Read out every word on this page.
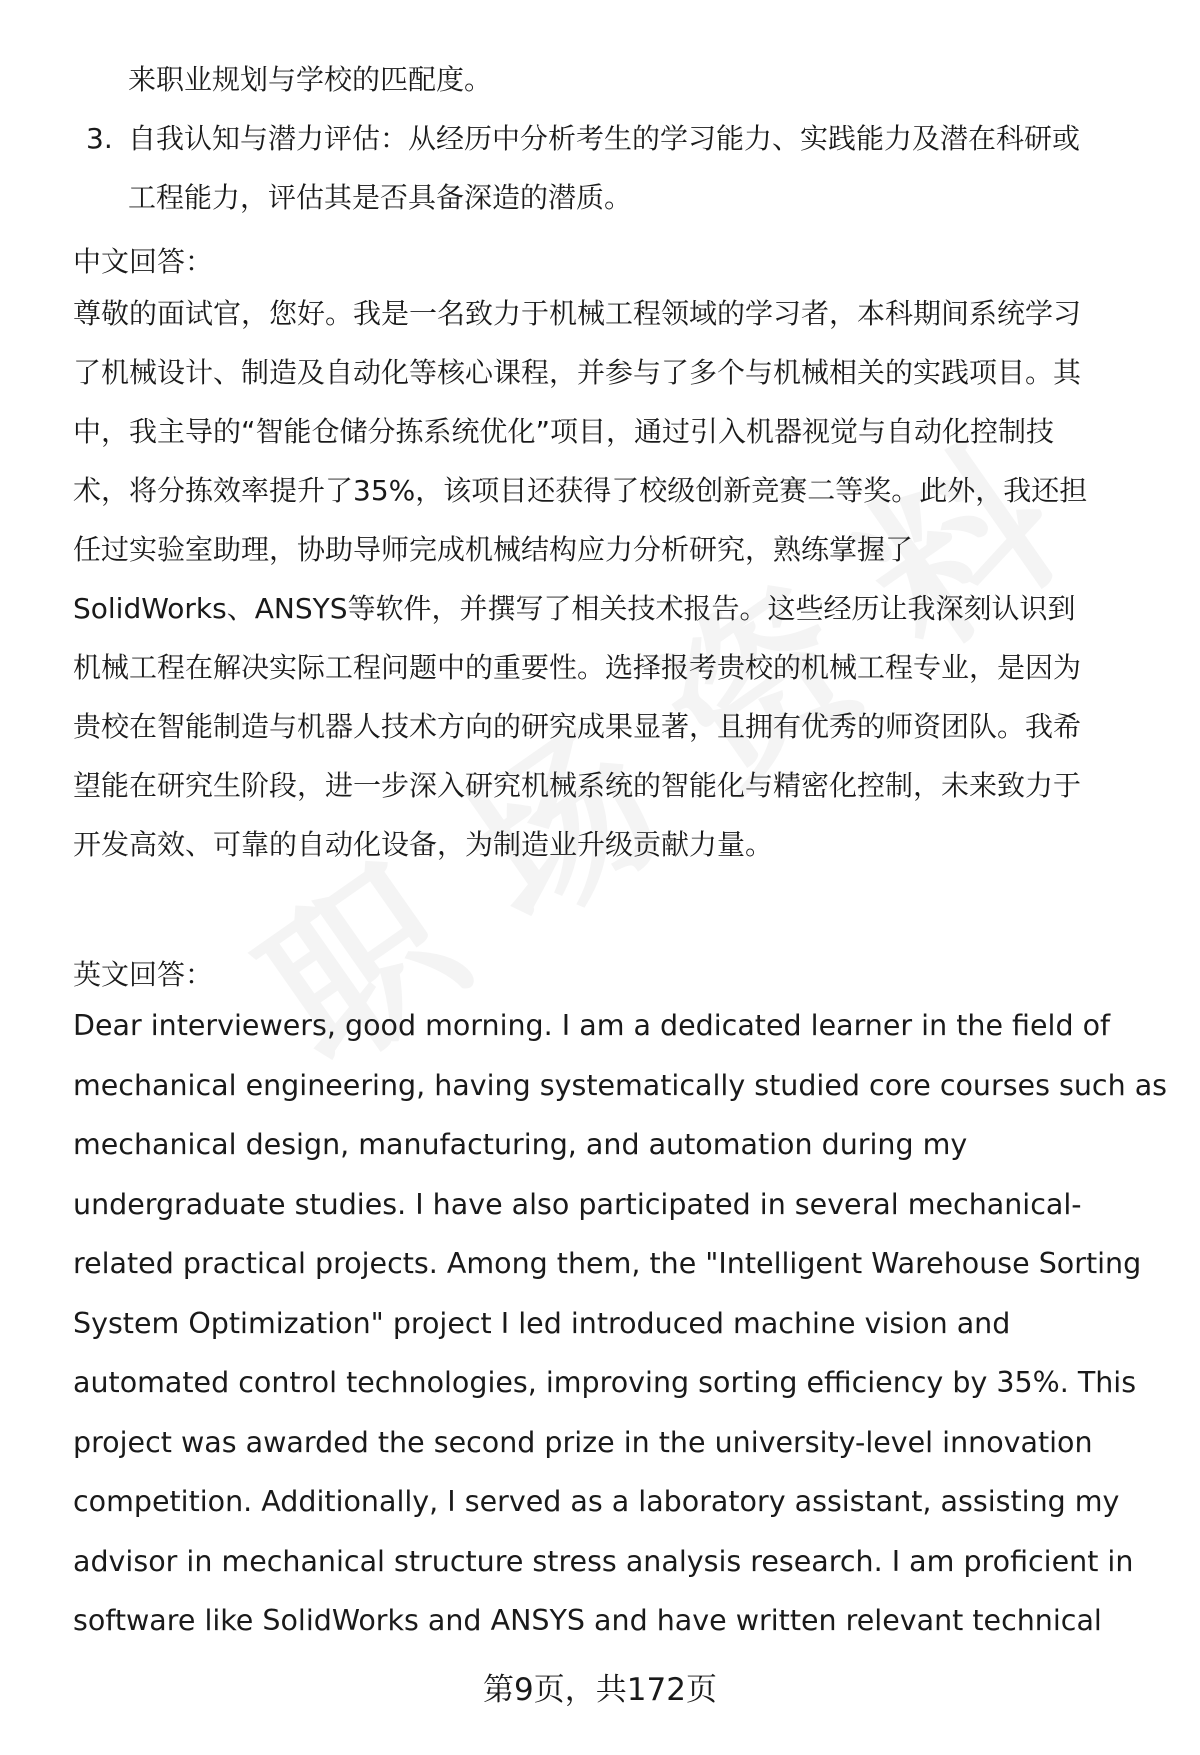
来职业规划与学校的匹配度。
3. 自我认知与潜力评估：从经历中分析考生的学习能力、实践能力及潜在科研或
工程能力，评估其是否具备深造的潜质。
中文回答：
尊敬的面试官，您好。我是一名致力于机械工程领域的学习者，本科期间系统学习
了机械设计、制造及自动化等核心课程，并参与了多个与机械相关的实践项目。其
中，我主导的“智能仓储分拣系统优化”项目，通过引入机器视觉与自动化控制技
术，将分拣效率提升了35%，该项目还获得了校级创新竞赛二等奖。此外，我还担
任过实验室助理，协助导师完成机械结构应力分析研究，熟练掌握了
SolidWorks、ANSYS等软件，并撰写了相关技术报告。这些经历让我深刻认识到
机械工程在解决实际工程问题中的重要性。选择报考贵校的机械工程专业，是因为
贵校在智能制造与机器人技术方向的研究成果显著，且拥有优秀的师资团队。我希
望能在研究生阶段，进一步深入研究机械系统的智能化与精密化控制，未来致力于
开发高效、可靠的自动化设备，为制造业升级贡献力量。
英文回答：
Dear interviewers, good morning. I am a dedicated learner in the field of
mechanical engineering, having systematically studied core courses such as
mechanical design, manufacturing, and automation during my
undergraduate studies. I have also participated in several mechanical-
related practical projects. Among them, the "Intelligent Warehouse Sorting
System Optimization" project I led introduced machine vision and
automated control technologies, improving sorting efficiency by 35%. This
project was awarded the second prize in the university-level innovation
competition. Additionally, I served as a laboratory assistant, assisting my
advisor in mechanical structure stress analysis research. I am proficient in
software like SolidWorks and ANSYS and have written relevant technical
第9页，共172页
